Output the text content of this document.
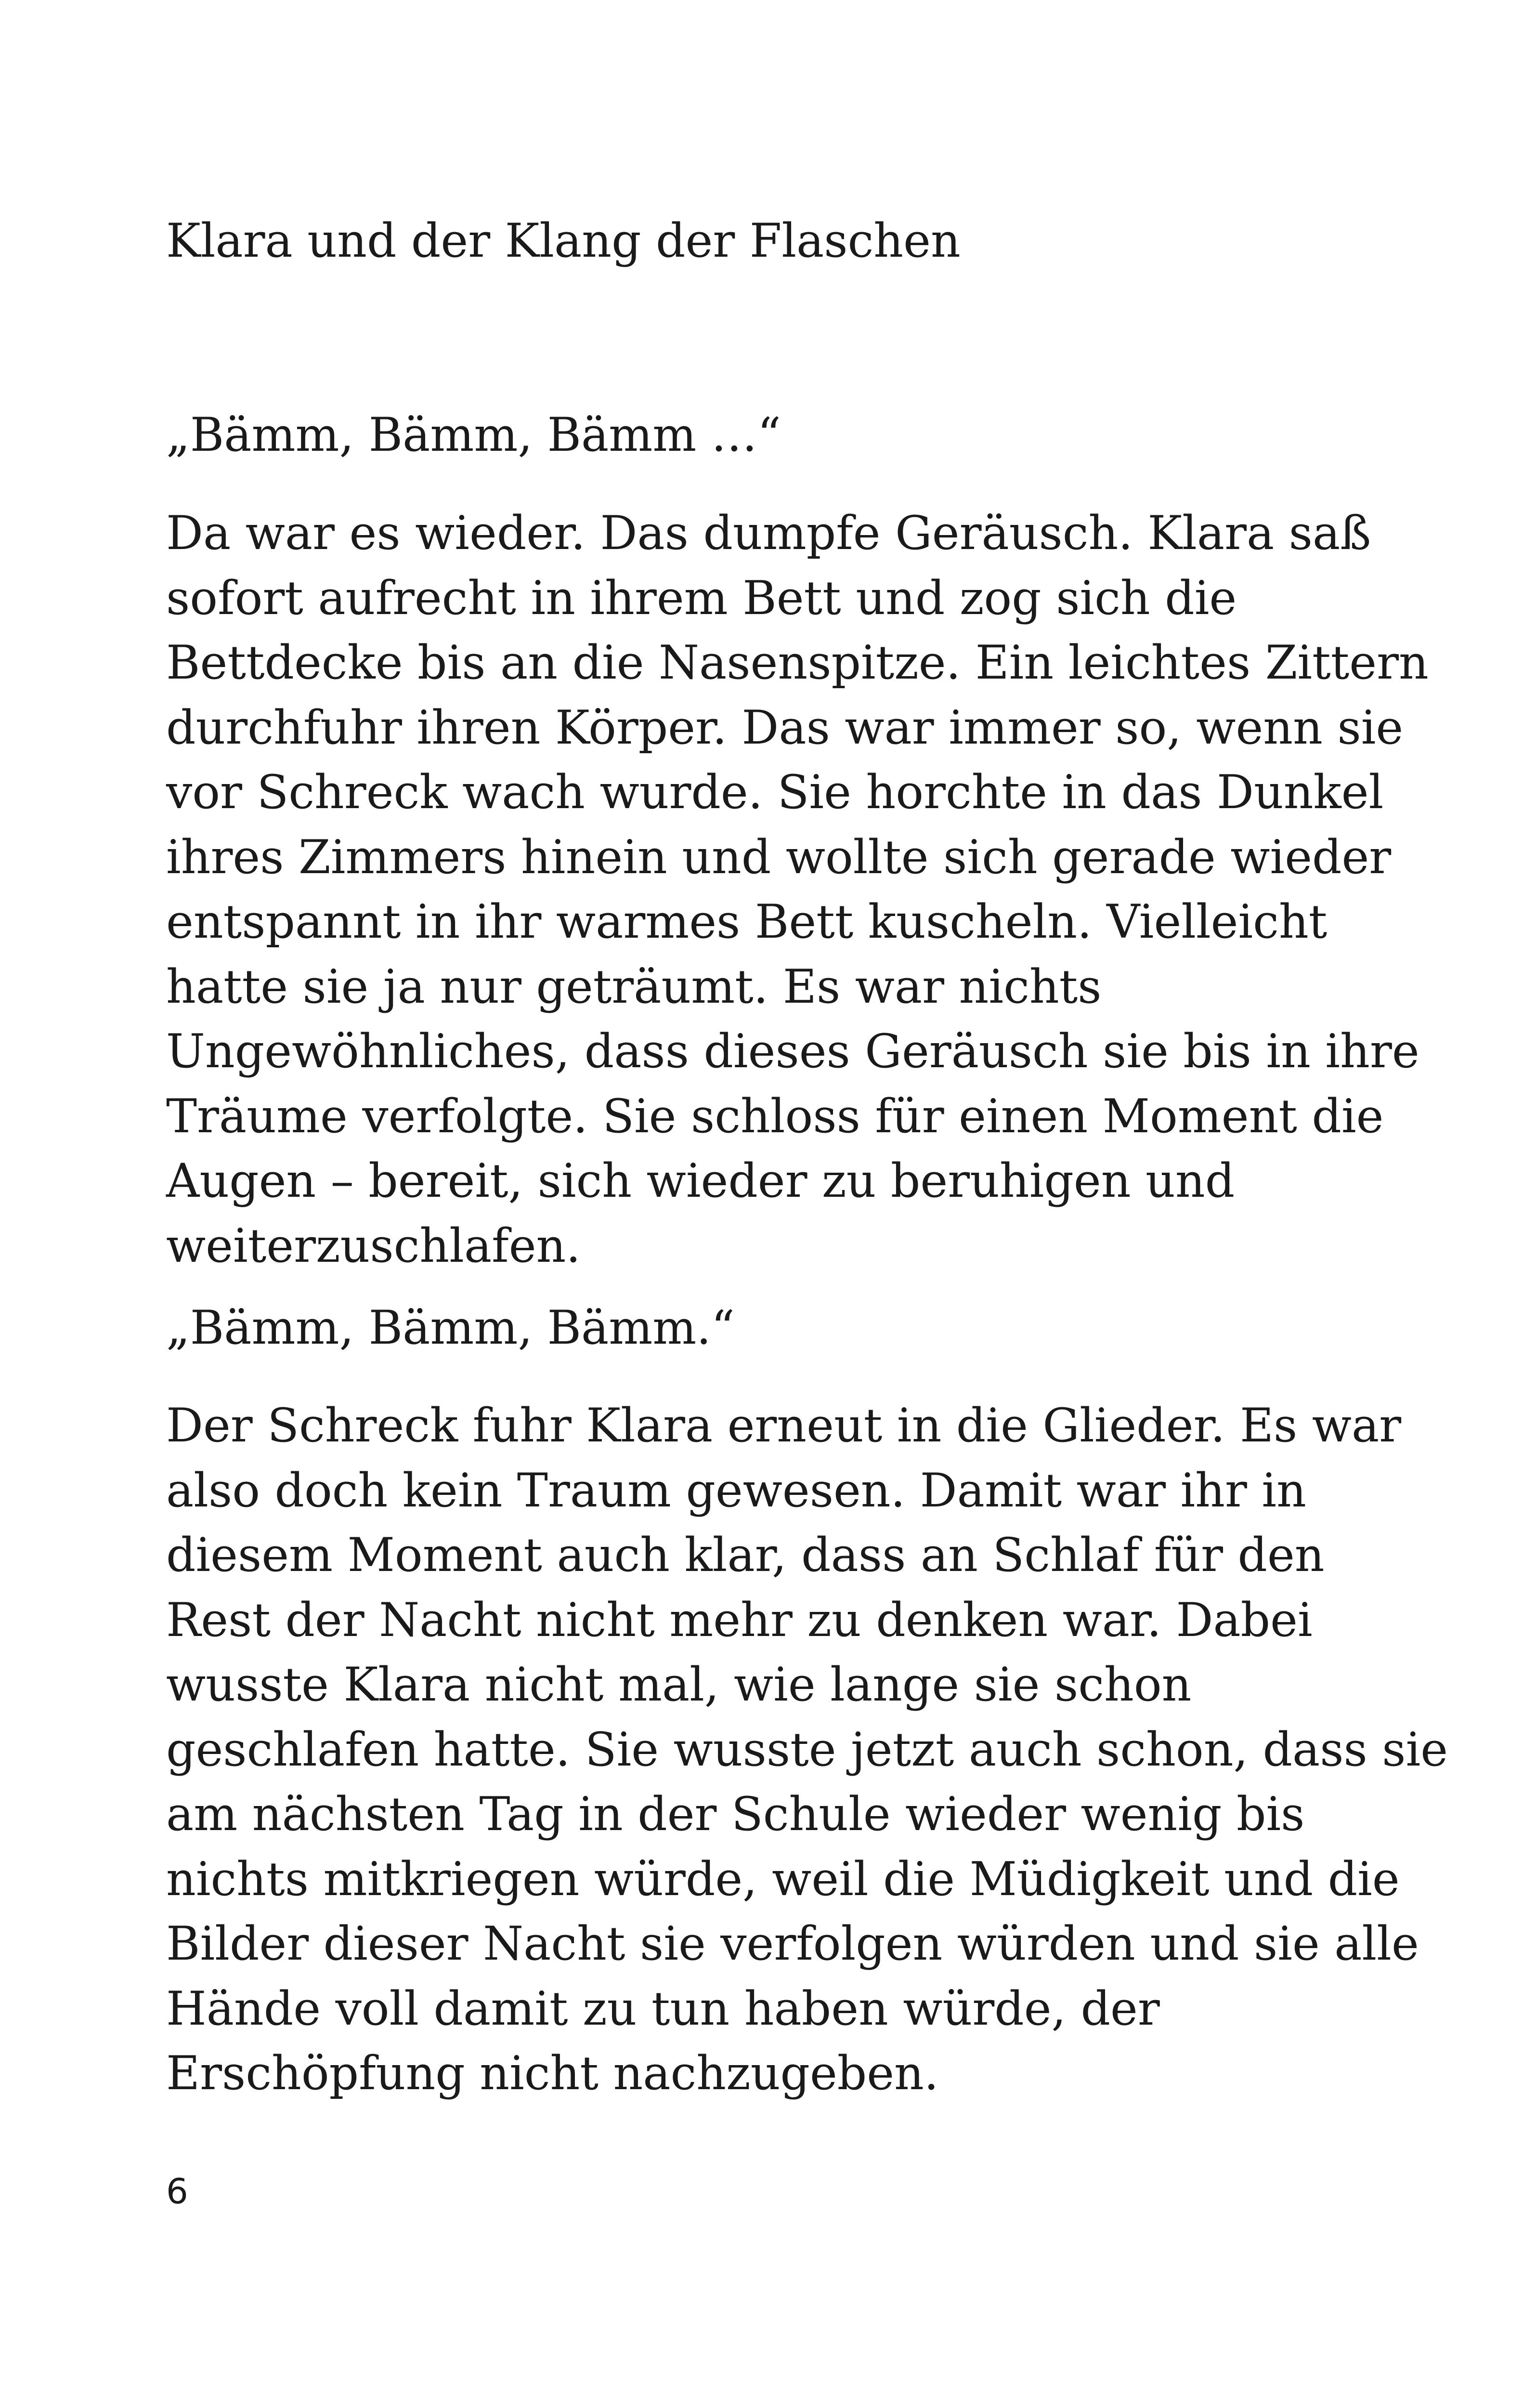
Klara und der Klang der Flaschen

„Bämm, Bämm, Bämm …“

Da war es wieder. Das dumpfe Geräusch. Klara saß
sofort aufrecht in ihrem Bett und zog sich die
Bettdecke bis an die Nasenspitze. Ein leichtes Zittern
durchfuhr ihren Körper. Das war immer so, wenn sie
vor Schreck wach wurde. Sie horchte in das Dunkel
ihres Zimmers hinein und wollte sich gerade wieder
entspannt in ihr warmes Bett kuscheln. Vielleicht
hatte sie ja nur geträumt. Es war nichts
Ungewöhnliches, dass dieses Geräusch sie bis in ihre
Träume verfolgte. Sie schloss für einen Moment die
Augen – bereit, sich wieder zu beruhigen und
weiterzuschlafen.

„Bämm, Bämm, Bämm.“

Der Schreck fuhr Klara erneut in die Glieder. Es war
also doch kein Traum gewesen. Damit war ihr in
diesem Moment auch klar, dass an Schlaf für den
Rest der Nacht nicht mehr zu denken war. Dabei
wusste Klara nicht mal, wie lange sie schon
geschlafen hatte. Sie wusste jetzt auch schon, dass sie
am nächsten Tag in der Schule wieder wenig bis
nichts mitkriegen würde, weil die Müdigkeit und die
Bilder dieser Nacht sie verfolgen würden und sie alle
Hände voll damit zu tun haben würde, der
Erschöpfung nicht nachzugeben.

6
